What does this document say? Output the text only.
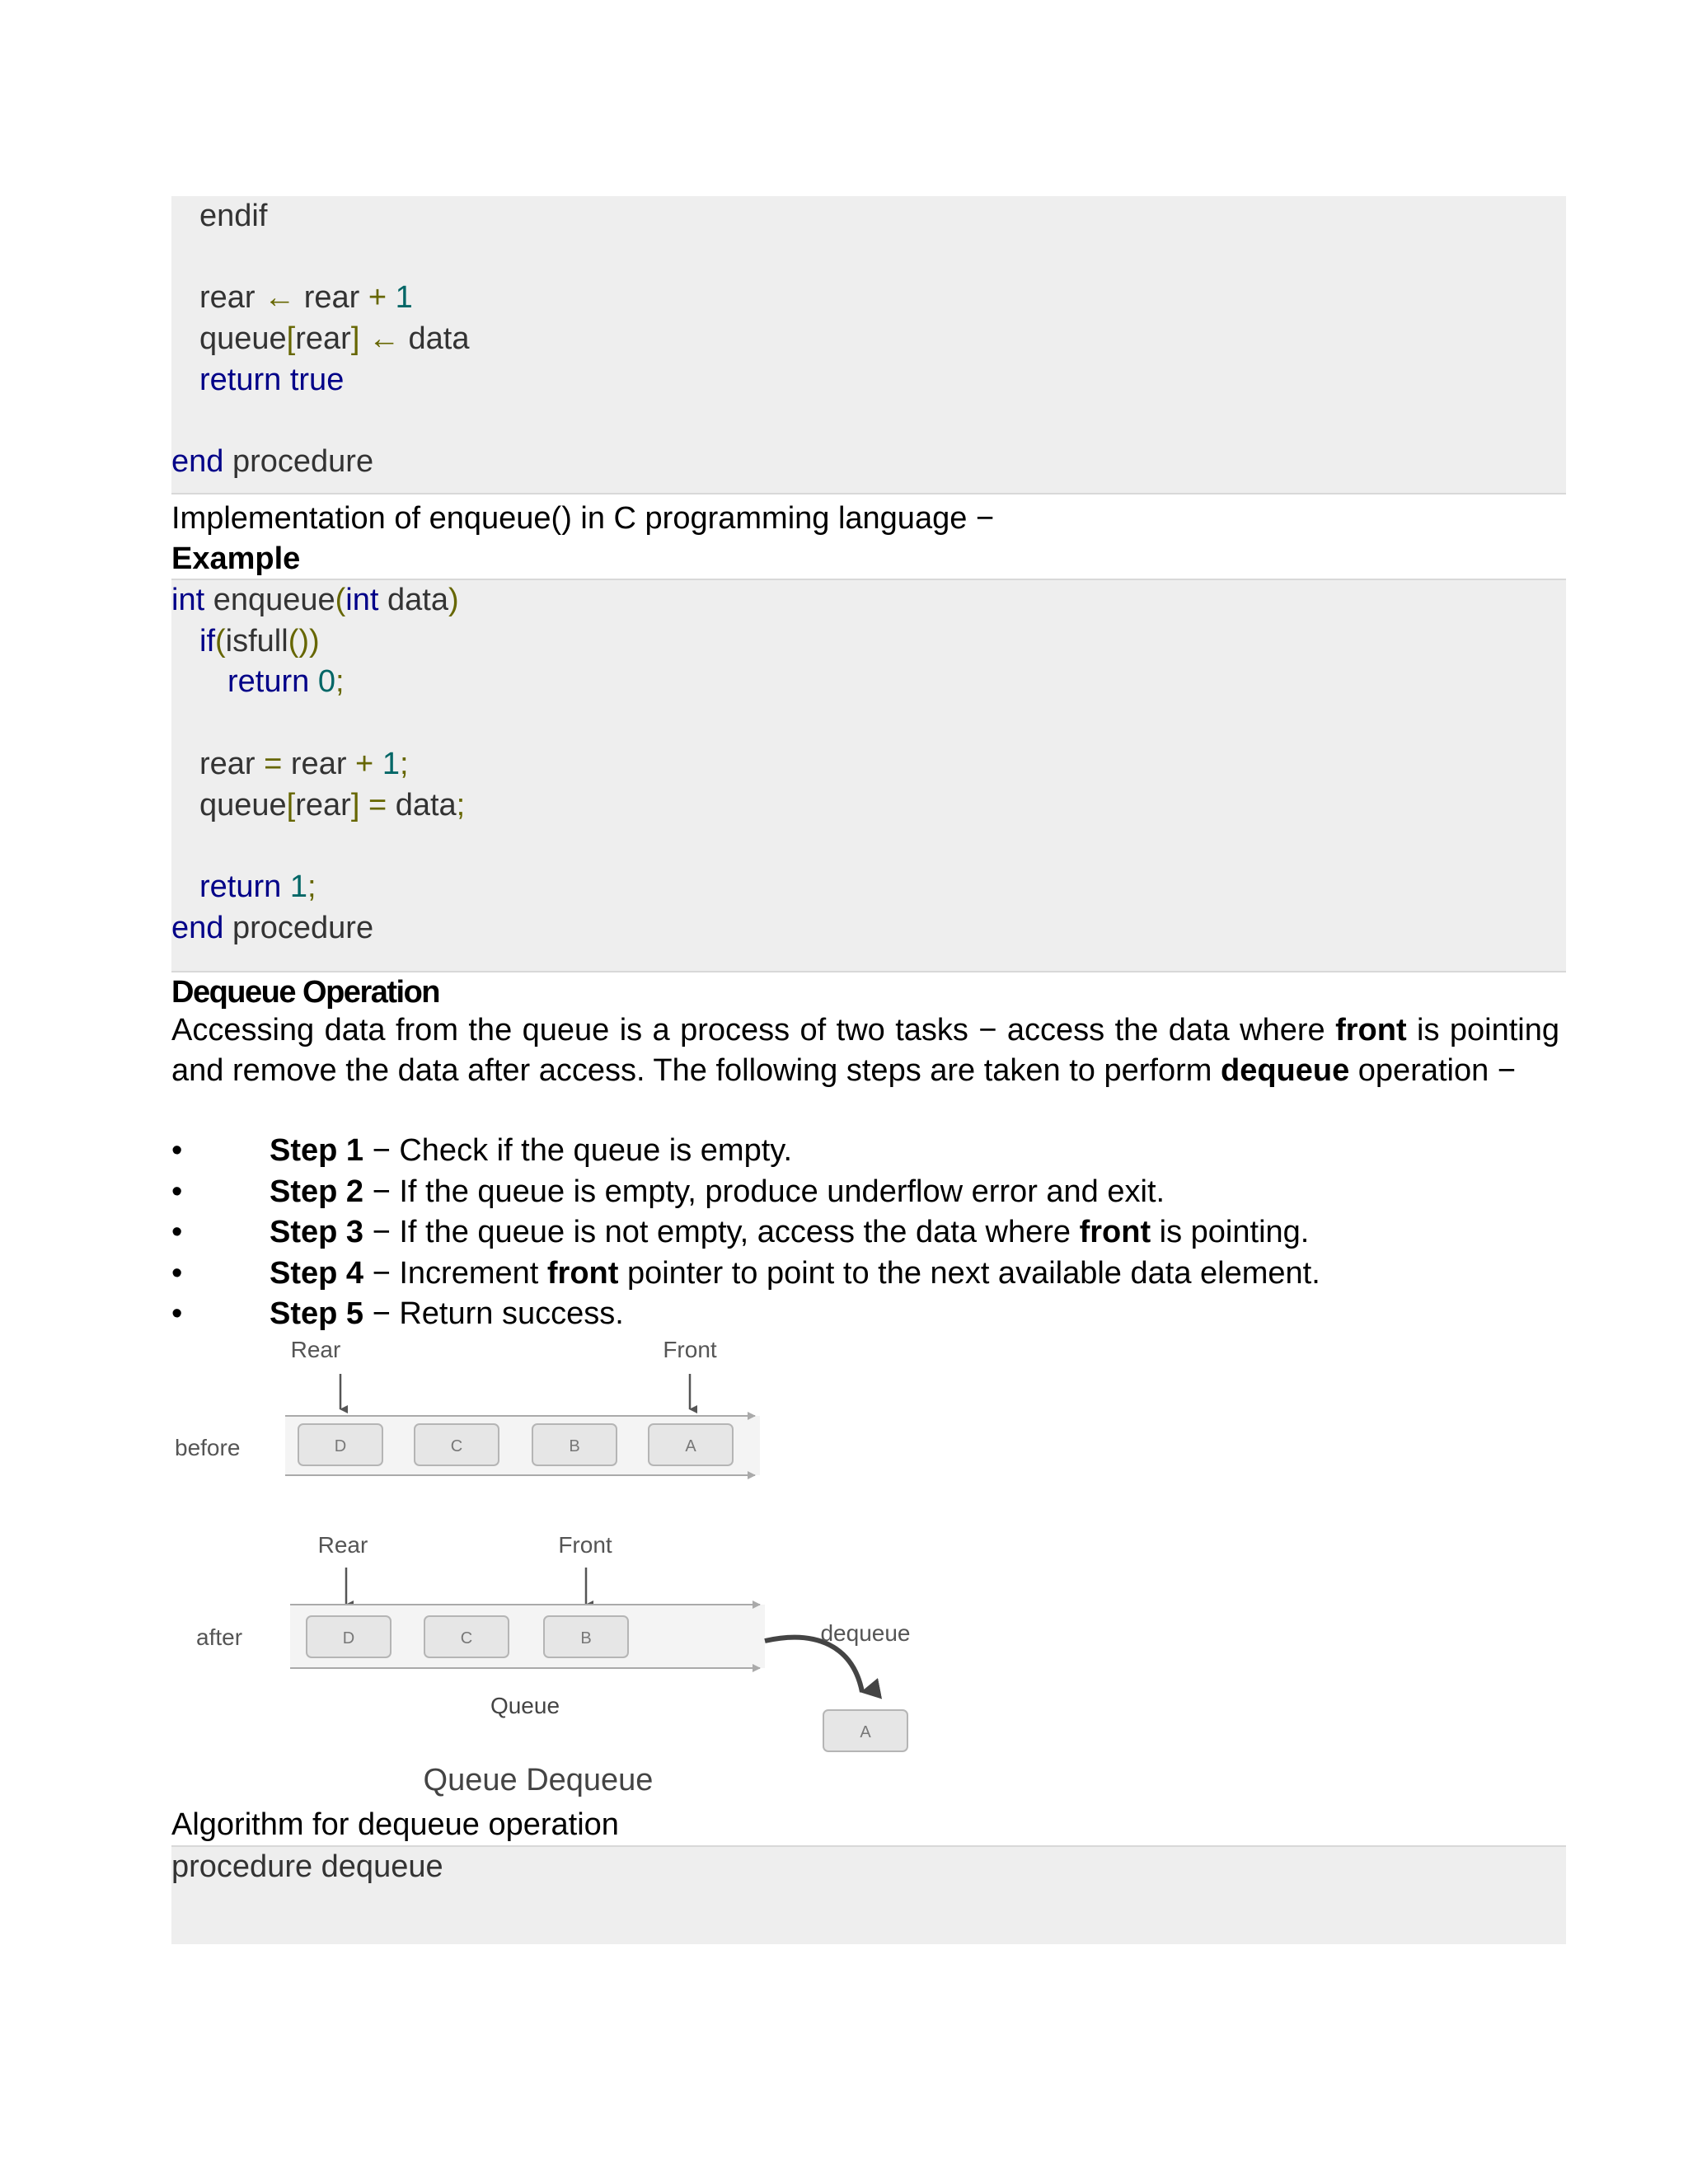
endif
rear ← rear + 1
queue[rear] ← data
return true
end procedure
Implementation of enqueue() in C programming language −
Example
int enqueue(int data)
if(isfull())
return 0;
rear = rear + 1;
queue[rear] = data;
return 1;
end procedure
Dequeue Operation
Accessing data from the queue is a process of two tasks − access the data where front is pointing and remove the data after access. The following steps are taken to perform dequeue operation −
•	Step 1 − Check if the queue is empty.
•	Step 2 − If the queue is empty, produce underflow error and exit.
•	Step 3 − If the queue is not empty, access the data where front is pointing.
•	Step 4 − Increment front pointer to point to the next available data element.
•	Step 5 − Return success.
before
Rear	Front
D	C	B	A
after
Rear	Front
D	C	B
Queue
dequeue
A
Queue Dequeue
Algorithm for dequeue operation
procedure dequeue
